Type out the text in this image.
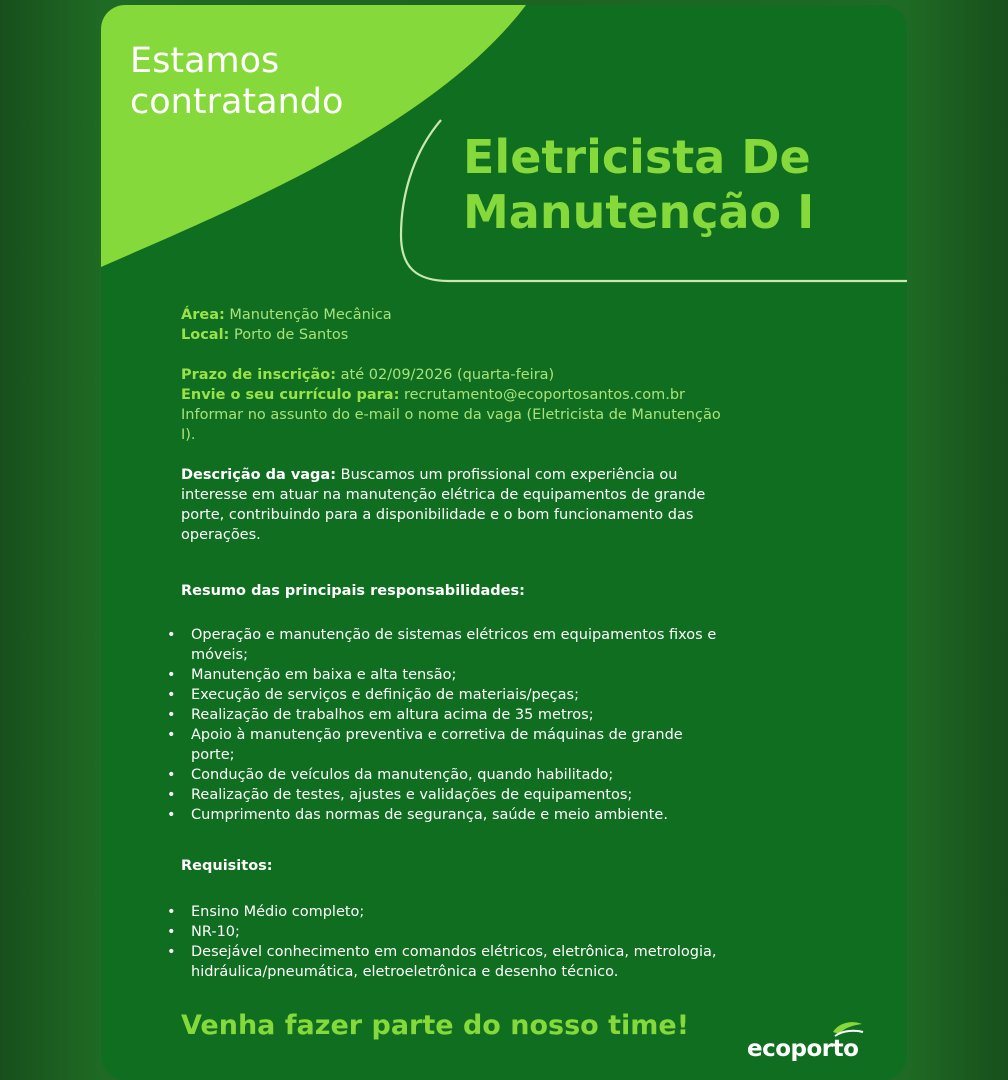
Estamos
contratando
Eletricista De
Manutenção I
Área: Manutenção Mecânica
Local: Porto de Santos
Prazo de inscrição: até 02/09/2026 (quarta-feira)
Envie o seu currículo para: recrutamento@ecoportosantos.com.br
Informar no assunto do e-mail o nome da vaga (Eletricista de Manutenção
I).
Descrição da vaga: Buscamos um profissional com experiência ou
interesse em atuar na manutenção elétrica de equipamentos de grande
porte, contribuindo para a disponibilidade e o bom funcionamento das
operações.
Resumo das principais responsabilidades:
• Operação e manutenção de sistemas elétricos em equipamentos fixos e
móveis;
• Manutenção em baixa e alta tensão;
• Execução de serviços e definição de materiais/peças;
• Realização de trabalhos em altura acima de 35 metros;
• Apoio à manutenção preventiva e corretiva de máquinas de grande
porte;
• Condução de veículos da manutenção, quando habilitado;
• Realização de testes, ajustes e validações de equipamentos;
• Cumprimento das normas de segurança, saúde e meio ambiente.
Requisitos:
• Ensino Médio completo;
• NR-10;
• Desejável conhecimento em comandos elétricos, eletrônica, metrologia,
hidráulica/pneumática, eletroeletrônica e desenho técnico.
Venha fazer parte do nosso time!
ecoporto
